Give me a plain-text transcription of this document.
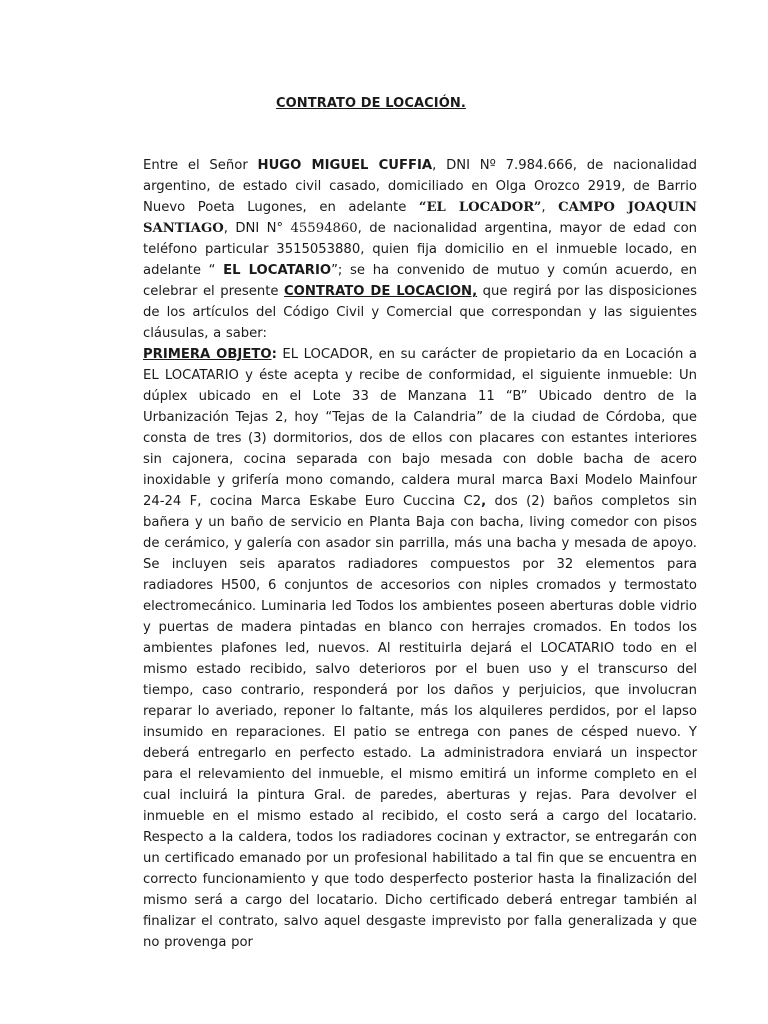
CONTRATO DE LOCACIÓN.

Entre el Señor HUGO MIGUEL CUFFIA, DNI Nº 7.984.666, de nacionalidad argentino, de estado civil casado, domiciliado en Olga Orozco 2919, de Barrio Nuevo Poeta Lugones, en adelante “EL LOCADOR”, CAMPO JOAQUIN SANTIAGO, DNI N° 45594860, de nacionalidad argentina, mayor de edad con teléfono particular 3515053880, quien fija domicilio en el inmueble locado, en adelante “ EL LOCATARIO”; se ha convenido de mutuo y común acuerdo, en celebrar el presente CONTRATO DE LOCACION, que regirá por las disposiciones de los artículos del Código Civil y Comercial que correspondan y las siguientes cláusulas, a saber:

PRIMERA OBJETO: EL LOCADOR, en su carácter de propietario da en Locación a EL LOCATARIO y éste acepta y recibe de conformidad, el siguiente inmueble: Un dúplex ubicado en el Lote 33 de Manzana 11 “B” Ubicado dentro de la Urbanización Tejas 2, hoy “Tejas de la Calandria” de la ciudad de Córdoba, que consta de tres (3) dormitorios, dos de ellos con placares con estantes interiores sin cajonera, cocina separada con bajo mesada con doble bacha de acero inoxidable y grifería mono comando, caldera mural marca Baxi Modelo Mainfour 24-24 F, cocina Marca Eskabe Euro Cuccina C2, dos (2) baños completos sin bañera y un baño de servicio en Planta Baja con bacha, living comedor con pisos de cerámico, y galería con asador sin parrilla, más una bacha y mesada de apoyo. Se incluyen seis aparatos radiadores compuestos por 32 elementos para radiadores H500, 6 conjuntos de accesorios con niples cromados y termostato electromecánico. Luminaria led Todos los ambientes poseen aberturas doble vidrio y puertas de madera pintadas en blanco con herrajes cromados. En todos los ambientes plafones led, nuevos. Al restituirla dejará el LOCATARIO todo en el mismo estado recibido, salvo deterioros por el buen uso y el transcurso del tiempo, caso contrario, responderá por los daños y perjuicios, que involucran reparar lo averiado, reponer lo faltante, más los alquileres perdidos, por el lapso insumido en reparaciones. El patio se entrega con panes de césped nuevo. Y deberá entregarlo en perfecto estado. La administradora enviará un inspector para el relevamiento del inmueble, el mismo emitirá un informe completo en el cual incluirá la pintura Gral. de paredes, aberturas y rejas. Para devolver el inmueble en el mismo estado al recibido, el costo será a cargo del locatario. Respecto a la caldera, todos los radiadores cocinan y extractor, se entregarán con un certificado emanado por un profesional habilitado a tal fin que se encuentra en correcto funcionamiento y que todo desperfecto posterior hasta la finalización del mismo será a cargo del locatario. Dicho certificado deberá entregar también al finalizar el contrato, salvo aquel desgaste imprevisto por falla generalizada y que no provenga por
